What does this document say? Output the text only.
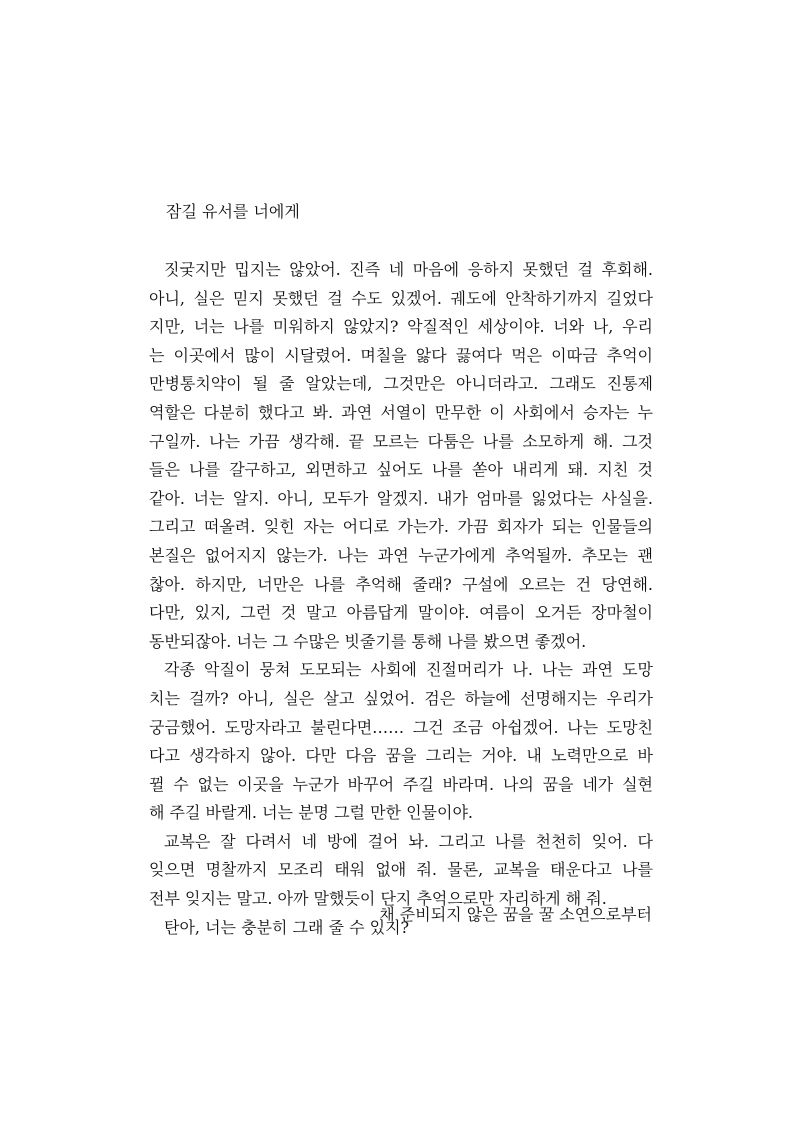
잠길 유서를 너에게
짓궂지만 밉지는 않았어. 진즉 네 마음에 응하지 못했던 걸 후회해.
아니, 실은 믿지 못했던 걸 수도 있겠어. 궤도에 안착하기까지 길었다
지만, 너는 나를 미워하지 않았지? 악질적인 세상이야. 너와 나, 우리
는 이곳에서 많이 시달렸어. 며칠을 앓다 끓여다 먹은 이따금 추억이
만병통치약이 될 줄 알았는데, 그것만은 아니더라고. 그래도 진통제
역할은 다분히 했다고 봐. 과연 서열이 만무한 이 사회에서 승자는 누
구일까. 나는 가끔 생각해. 끝 모르는 다툼은 나를 소모하게 해. 그것
들은 나를 갈구하고, 외면하고 싶어도 나를 쏟아 내리게 돼. 지친 것
같아. 너는 알지. 아니, 모두가 알겠지. 내가 엄마를 잃었다는 사실을.
그리고 떠올려. 잊힌 자는 어디로 가는가. 가끔 회자가 되는 인물들의
본질은 없어지지 않는가. 나는 과연 누군가에게 추억될까. 추모는 괜
찮아. 하지만, 너만은 나를 추억해 줄래? 구설에 오르는 건 당연해.
다만, 있지, 그런 것 말고 아름답게 말이야. 여름이 오거든 장마철이
동반되잖아. 너는 그 수많은 빗줄기를 통해 나를 봤으면 좋겠어.
각종 악질이 뭉쳐 도모되는 사회에 진절머리가 나. 나는 과연 도망
치는 걸까? 아니, 실은 살고 싶었어. 검은 하늘에 선명해지는 우리가
궁금했어. 도망자라고 불린다면…… 그건 조금 아쉽겠어. 나는 도망친
다고 생각하지 않아. 다만 다음 꿈을 그리는 거야. 내 노력만으로 바
뀔 수 없는 이곳을 누군가 바꾸어 주길 바라며. 나의 꿈을 네가 실현
해 주길 바랄게. 너는 분명 그럴 만한 인물이야.
교복은 잘 다려서 네 방에 걸어 놔. 그리고 나를 천천히 잊어. 다
잊으면 명찰까지 모조리 태워 없애 줘. 물론, 교복을 태운다고 나를
전부 잊지는 말고. 아까 말했듯이 단지 추억으로만 자리하게 해 줘.
탄아, 너는 충분히 그래 줄 수 있지?
채 준비되지 않은 꿈을 꿀 소연으로부터
